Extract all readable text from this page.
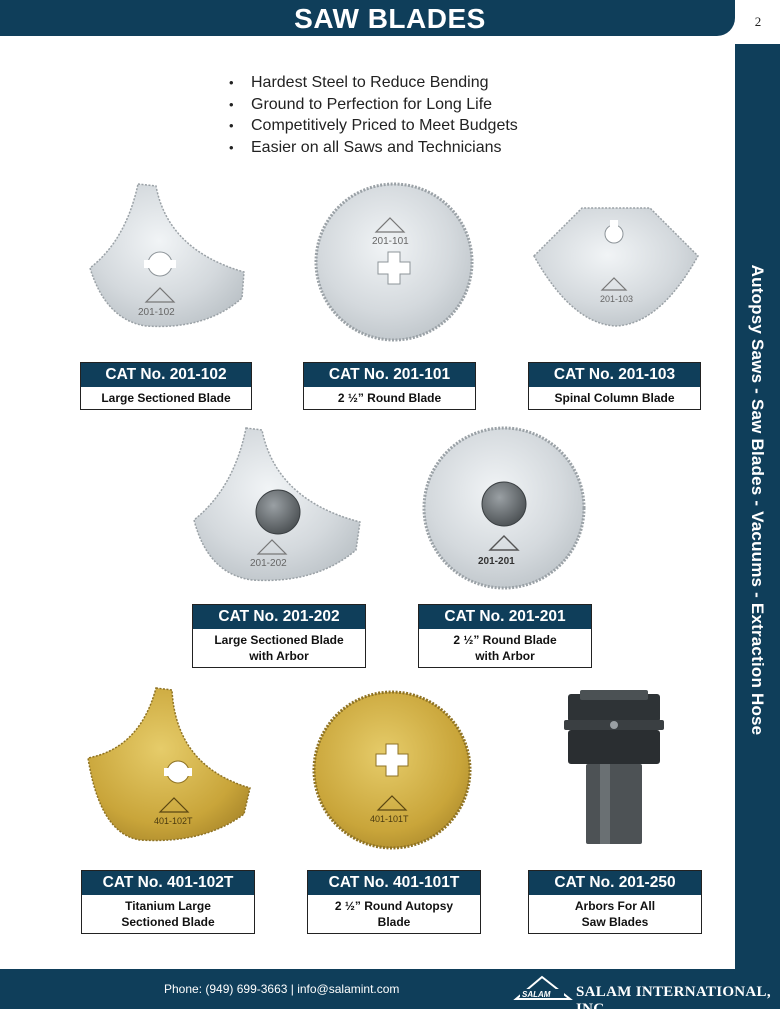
SAW BLADES	2
Autopsy Saws - Saw Blades - Vacuums - Extraction Hose
• Hardest Steel to Reduce Bending
• Ground to Perfection for Long Life
• Competitively Priced to Meet Budgets
• Easier on all Saws and Technicians
201-102
201-101
201-103
CAT No. 201-102
Large Sectioned Blade
CAT No. 201-101
2 ½” Round Blade
CAT No. 201-103
Spinal Column Blade
201-202	201-201
CAT No. 201-202
Large Sectioned Blade
with Arbor
CAT No. 201-201
2 ½” Round Blade
with Arbor
401-102T	401-101T
CAT No. 401-102T
Titanium Large
Sectioned Blade
CAT No. 401-101T
2 ½” Round Autopsy
Blade
CAT No. 201-250
Arbors For All
Saw Blades
Phone: (949) 699-3663 | info@salamint.com	SALAM SALAM INTERNATIONAL, INC.
